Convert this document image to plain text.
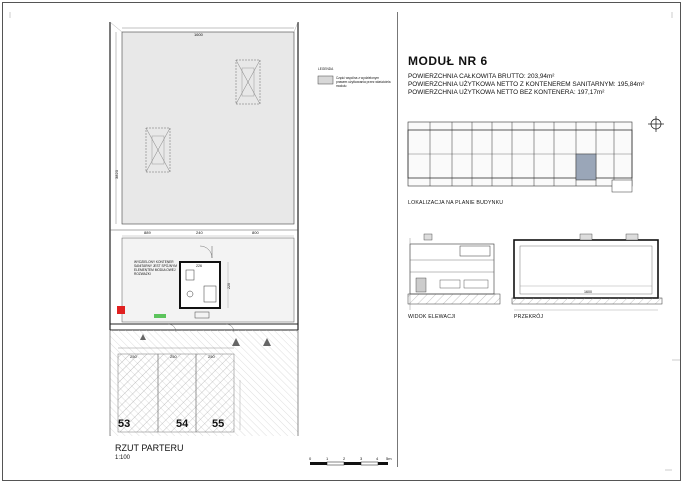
LEGENDA
Część wspólna z wydzielonym prawem użytkowania przez właściciela modułu
MODUŁ NR 6
POWIERZCHNIA CAŁKOWITA BRUTTO: 203,94m²
POWIERZCHNIA UŻYTKOWA NETTO Z KONTENEREM SANITARNYM: 195,84m²
POWIERZCHNIA UŻYTKOWA NETTO BEZ KONTENERA: 197,17m²
LOKALIZACJA NA PLANIE BUDYNKU
WIDOK ELEWACJI	PRZEKRÓJ
1600
3820
889	240	800
226
220
1600
WYDZIELONY KONTENER SANITARNY JEST SPÓJNYM ELEMENTEM MODUŁOWEJ ROZWAŻKI
250	250	250
53	54 55
RZUT PARTERU
1:100	0	1	2	3	4 5m
